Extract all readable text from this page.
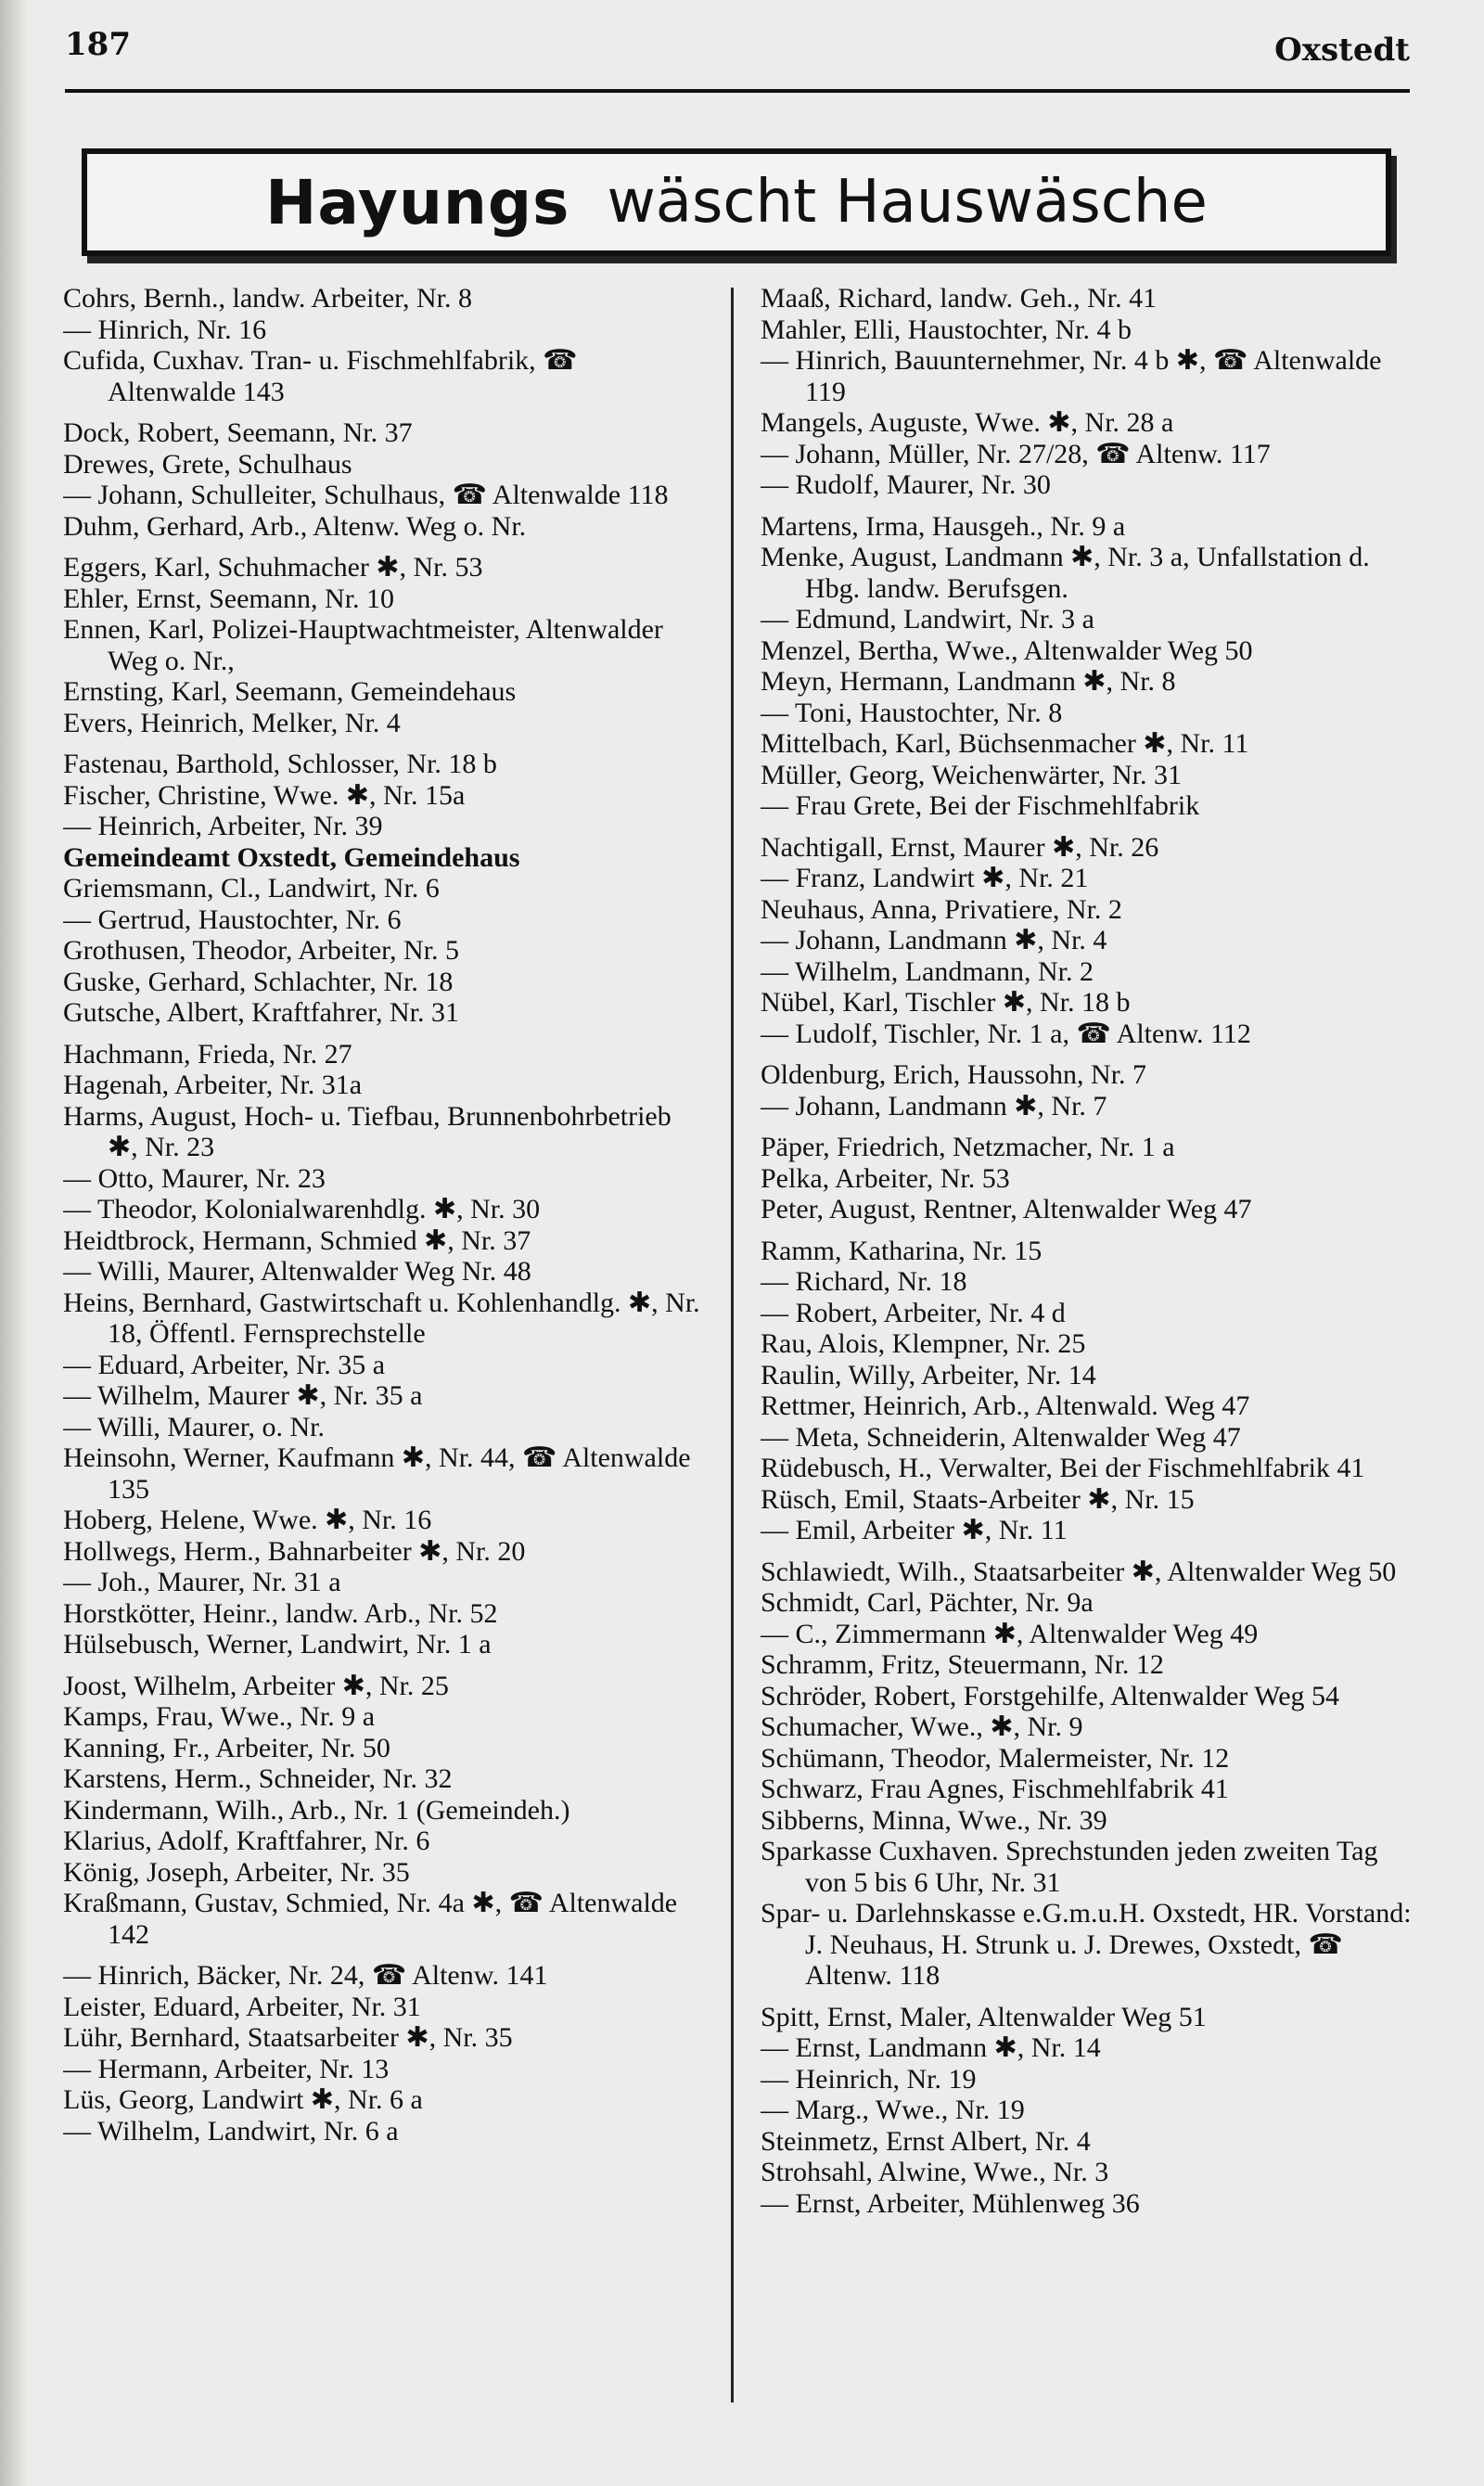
187	Oxstedt
Hayungs wäscht Hauswäsche
Cohrs, Bernh., landw. Arbeiter, Nr. 8
— Hinrich, Nr. 16
Cufida, Cuxhav. Tran- u. Fischmehlfabrik, ☎ Altenwalde 143
Dock, Robert, Seemann, Nr. 37
Drewes, Grete, Schulhaus
— Johann, Schulleiter, Schulhaus, ☎ Altenwalde 118
Duhm, Gerhard, Arb., Altenw. Weg o. Nr.
Eggers, Karl, Schuhmacher ✱, Nr. 53
Ehler, Ernst, Seemann, Nr. 10
Ennen, Karl, Polizei-Hauptwachtmeister, Altenwalder Weg o. Nr.,
Ernsting, Karl, Seemann, Gemeindehaus
Evers, Heinrich, Melker, Nr. 4
Fastenau, Barthold, Schlosser, Nr. 18 b
Fischer, Christine, Wwe. ✱, Nr. 15a
— Heinrich, Arbeiter, Nr. 39
Gemeindeamt Oxstedt, Gemeindehaus
Griemsmann, Cl., Landwirt, Nr. 6
— Gertrud, Haustochter, Nr. 6
Grothusen, Theodor, Arbeiter, Nr. 5
Guske, Gerhard, Schlachter, Nr. 18
Gutsche, Albert, Kraftfahrer, Nr. 31
Hachmann, Frieda, Nr. 27
Hagenah, Arbeiter, Nr. 31a
Harms, August, Hoch- u. Tiefbau, Brunnenbohrbetrieb ✱, Nr. 23
— Otto, Maurer, Nr. 23
— Theodor, Kolonialwarenhdlg. ✱, Nr. 30
Heidtbrock, Hermann, Schmied ✱, Nr. 37
— Willi, Maurer, Altenwalder Weg Nr. 48
Heins, Bernhard, Gastwirtschaft u. Kohlenhandlg. ✱, Nr. 18, Öffentl. Fernsprechstelle
— Eduard, Arbeiter, Nr. 35 a
— Wilhelm, Maurer ✱, Nr. 35 a
— Willi, Maurer, o. Nr.
Heinsohn, Werner, Kaufmann ✱, Nr. 44, ☎ Altenwalde 135
Hoberg, Helene, Wwe. ✱, Nr. 16
Hollwegs, Herm., Bahnarbeiter ✱, Nr. 20
— Joh., Maurer, Nr. 31 a
Horstkötter, Heinr., landw. Arb., Nr. 52
Hülsebusch, Werner, Landwirt, Nr. 1 a
Joost, Wilhelm, Arbeiter ✱, Nr. 25
Kamps, Frau, Wwe., Nr. 9 a
Kanning, Fr., Arbeiter, Nr. 50
Karstens, Herm., Schneider, Nr. 32
Kindermann, Wilh., Arb., Nr. 1 (Gemeindeh.)
Klarius, Adolf, Kraftfahrer, Nr. 6
König, Joseph, Arbeiter, Nr. 35
Kraßmann, Gustav, Schmied, Nr. 4a ✱, ☎ Altenwalde 142
— Hinrich, Bäcker, Nr. 24, ☎ Altenw. 141
Leister, Eduard, Arbeiter, Nr. 31
Lühr, Bernhard, Staatsarbeiter ✱, Nr. 35
— Hermann, Arbeiter, Nr. 13
Lüs, Georg, Landwirt ✱, Nr. 6 a
— Wilhelm, Landwirt, Nr. 6 a
Maaß, Richard, landw. Geh., Nr. 41
Mahler, Elli, Haustochter, Nr. 4 b
— Hinrich, Bauunternehmer, Nr. 4 b ✱, ☎ Altenwalde 119
Mangels, Auguste, Wwe. ✱, Nr. 28 a
— Johann, Müller, Nr. 27/28, ☎ Altenw. 117
— Rudolf, Maurer, Nr. 30
Martens, Irma, Hausgeh., Nr. 9 a
Menke, August, Landmann ✱, Nr. 3 a, Unfallstation d. Hbg. landw. Berufsgen.
— Edmund, Landwirt, Nr. 3 a
Menzel, Bertha, Wwe., Altenwalder Weg 50
Meyn, Hermann, Landmann ✱, Nr. 8
— Toni, Haustochter, Nr. 8
Mittelbach, Karl, Büchsenmacher ✱, Nr. 11
Müller, Georg, Weichenwärter, Nr. 31
— Frau Grete, Bei der Fischmehlfabrik
Nachtigall, Ernst, Maurer ✱, Nr. 26
— Franz, Landwirt ✱, Nr. 21
Neuhaus, Anna, Privatiere, Nr. 2
— Johann, Landmann ✱, Nr. 4
— Wilhelm, Landmann, Nr. 2
Nübel, Karl, Tischler ✱, Nr. 18 b
— Ludolf, Tischler, Nr. 1 a, ☎ Altenw. 112
Oldenburg, Erich, Haussohn, Nr. 7
— Johann, Landmann ✱, Nr. 7
Päper, Friedrich, Netzmacher, Nr. 1 a
Pelka, Arbeiter, Nr. 53
Peter, August, Rentner, Altenwalder Weg 47
Ramm, Katharina, Nr. 15
— Richard, Nr. 18
— Robert, Arbeiter, Nr. 4 d
Rau, Alois, Klempner, Nr. 25
Raulin, Willy, Arbeiter, Nr. 14
Rettmer, Heinrich, Arb., Altenwald. Weg 47
— Meta, Schneiderin, Altenwalder Weg 47
Rüdebusch, H., Verwalter, Bei der Fischmehlfabrik 41
Rüsch, Emil, Staats-Arbeiter ✱, Nr. 15
— Emil, Arbeiter ✱, Nr. 11
Schlawiedt, Wilh., Staatsarbeiter ✱, Altenwalder Weg 50
Schmidt, Carl, Pächter, Nr. 9a
— C., Zimmermann ✱, Altenwalder Weg 49
Schramm, Fritz, Steuermann, Nr. 12
Schröder, Robert, Forstgehilfe, Altenwalder Weg 54
Schumacher, Wwe., ✱, Nr. 9
Schümann, Theodor, Malermeister, Nr. 12
Schwarz, Frau Agnes, Fischmehlfabrik 41
Sibberns, Minna, Wwe., Nr. 39
Sparkasse Cuxhaven. Sprechstunden jeden zweiten Tag von 5 bis 6 Uhr, Nr. 31
Spar- u. Darlehnskasse e.G.m.u.H. Oxstedt, HR. Vorstand: J. Neuhaus, H. Strunk u. J. Drewes, Oxstedt, ☎ Altenw. 118
Spitt, Ernst, Maler, Altenwalder Weg 51
— Ernst, Landmann ✱, Nr. 14
— Heinrich, Nr. 19
— Marg., Wwe., Nr. 19
Steinmetz, Ernst Albert, Nr. 4
Strohsahl, Alwine, Wwe., Nr. 3
— Ernst, Arbeiter, Mühlenweg 36
